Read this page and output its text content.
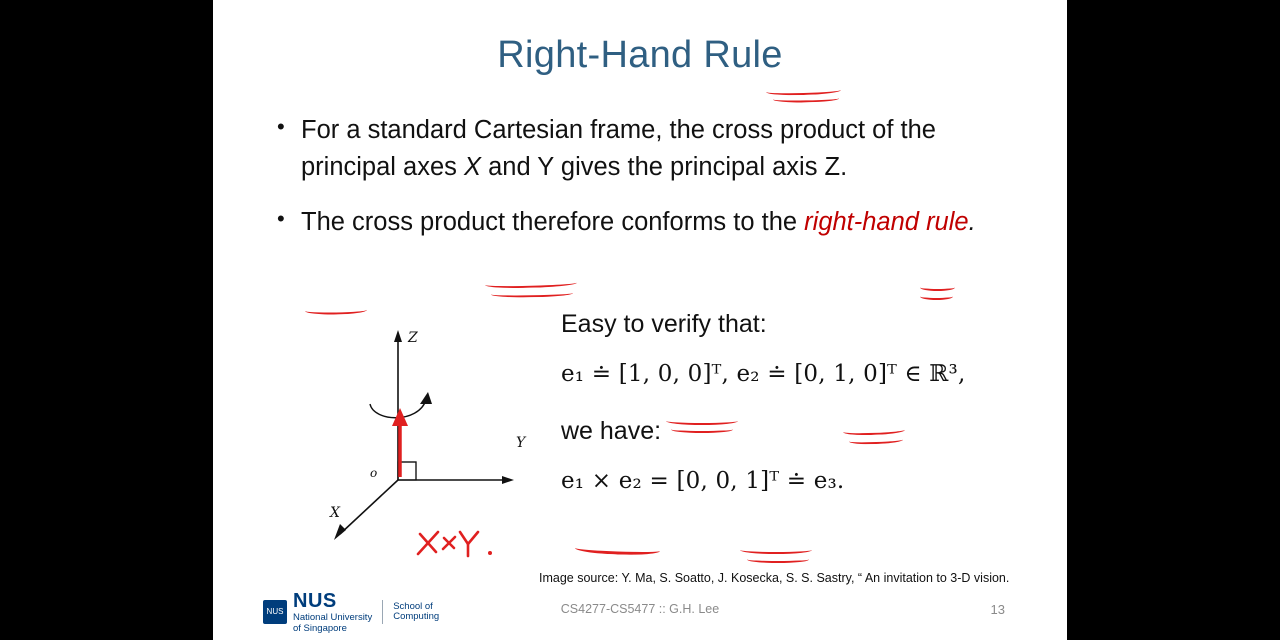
Right-Hand Rule
• For a standard Cartesian frame, the cross product of the principal axes X and Y gives the principal axis Z.
• The cross product therefore conforms to the right-hand rule.
Z
Y
X
o
Easy to verify that:
e₁ ≐ [1, 0, 0]ᵀ, e₂ ≐ [0, 1, 0]ᵀ ∈ ℝ³,
we have:
e₁ × e₂ = [0, 0, 1]ᵀ ≐ e₃.
Image source: Y. Ma, S. Soatto, J. Kosecka, S. S. Sastry, “ An invitation to 3-D vision.
CS4277-CS5477 :: G.H. Lee	13
NUS NUS
National University
of Singapore
School of
Computing
